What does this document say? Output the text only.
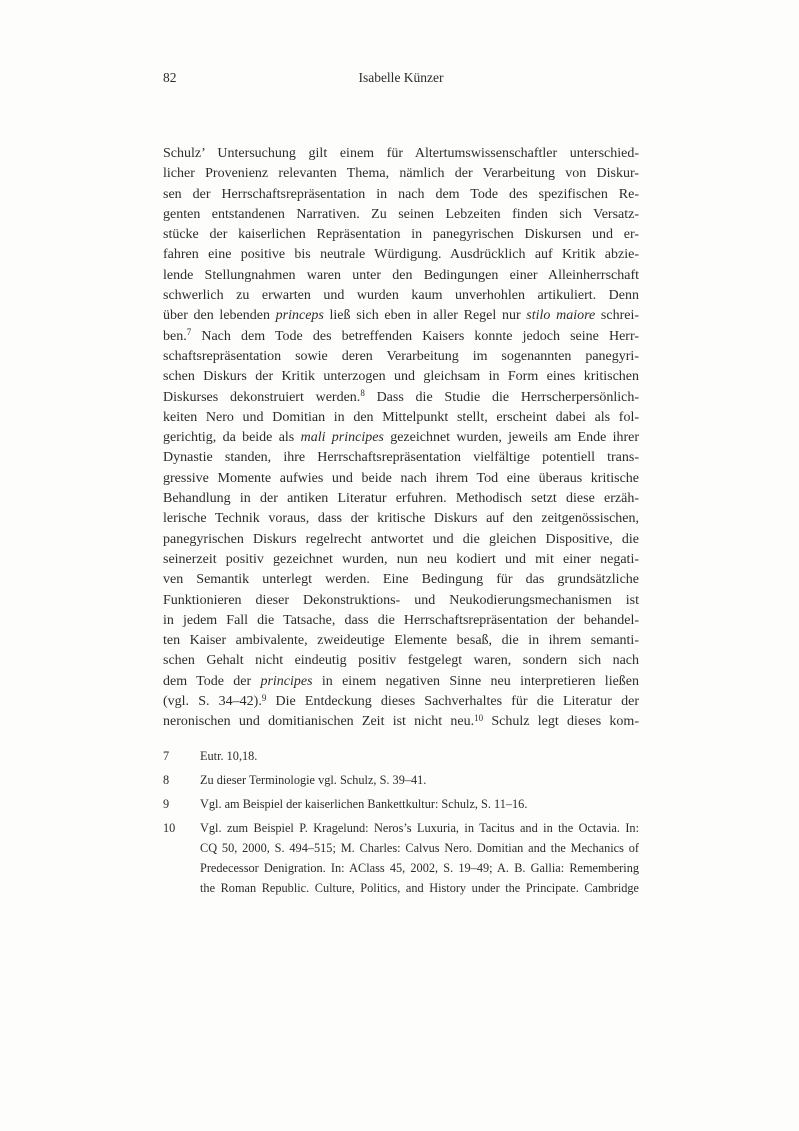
82	Isabelle Künzer
Schulz’ Untersuchung gilt einem für Altertumswissenschaftler unterschied-
licher Provenienz relevanten Thema, nämlich der Verarbeitung von Diskur-
sen der Herrschaftsrepräsentation in nach dem Tode des spezifischen Re-
genten entstandenen Narrativen. Zu seinen Lebzeiten finden sich Versatz-
stücke der kaiserlichen Repräsentation in panegyrischen Diskursen und er-
fahren eine positive bis neutrale Würdigung. Ausdrücklich auf Kritik abzie-
lende Stellungnahmen waren unter den Bedingungen einer Alleinherrschaft
schwerlich zu erwarten und wurden kaum unverhohlen artikuliert. Denn
über den lebenden princeps ließ sich eben in aller Regel nur stilo maiore schrei-
ben.$^7$ Nach dem Tode des betreffenden Kaisers konnte jedoch seine Herr-
schaftsrepräsentation sowie deren Verarbeitung im sogenannten panegyri-
schen Diskurs der Kritik unterzogen und gleichsam in Form eines kritischen
Diskurses dekonstruiert werden.$^8$ Dass die Studie die Herrscherpersönlich-
keiten Nero und Domitian in den Mittelpunkt stellt, erscheint dabei als fol-
gerichtig, da beide als mali principes gezeichnet wurden, jeweils am Ende ihrer
Dynastie standen, ihre Herrschaftsrepräsentation vielfältige potentiell trans-
gressive Momente aufwies und beide nach ihrem Tod eine überaus kritische
Behandlung in der antiken Literatur erfuhren. Methodisch setzt diese erzäh-
lerische Technik voraus, dass der kritische Diskurs auf den zeitgenössischen,
panegyrischen Diskurs regelrecht antwortet und die gleichen Dispositive, die
seinerzeit positiv gezeichnet wurden, nun neu kodiert und mit einer negati-
ven Semantik unterlegt werden. Eine Bedingung für das grundsätzliche
Funktionieren dieser Dekonstruktions- und Neukodierungsmechanismen ist
in jedem Fall die Tatsache, dass die Herrschaftsrepräsentation der behandel-
ten Kaiser ambivalente, zweideutige Elemente besaß, die in ihrem semanti-
schen Gehalt nicht eindeutig positiv festgelegt waren, sondern sich nach
dem Tode der principes in einem negativen Sinne neu interpretieren ließen
(vgl. S. 34–42).$^9$ Die Entdeckung dieses Sachverhaltes für die Literatur der
neronischen und domitianischen Zeit ist nicht neu.$^{10}$ Schulz legt dieses kom-
7	Eutr. 10,18.
8	Zu dieser Terminologie vgl. Schulz, S. 39–41.
9	Vgl. am Beispiel der kaiserlichen Bankettkultur: Schulz, S. 11–16.
10 Vgl. zum Beispiel P. Kragelund: Neros’s Luxuria, in Tacitus and in the Octavia. In:
CQ 50, 2000, S. 494–515; M. Charles: Calvus Nero. Domitian and the Mechanics of
Predecessor Denigration. In: AClass 45, 2002, S. 19–49; A. B. Gallia: Remembering
the Roman Republic. Culture, Politics, and History under the Principate. Cambridge
